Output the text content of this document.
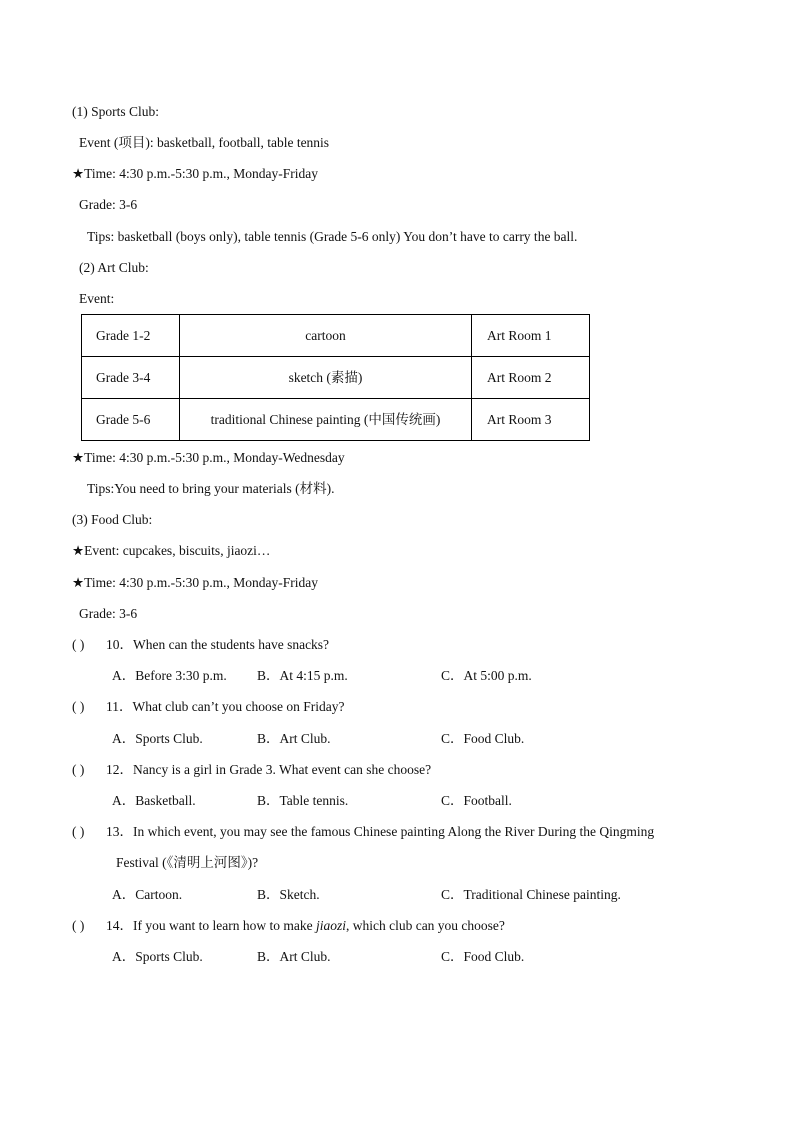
(1) Sports Club:
Event (项目): basketball, football, table tennis
★Time: 4:30 p.m.-5:30 p.m., Monday-Friday
Grade: 3-6
Tips: basketball (boys only), table tennis (Grade 5-6 only) You don’t have to carry the ball.
(2) Art Club:
Event:
Grade 1-2	cartoon	Art Room 1
Grade 3-4	sketch (素描)	Art Room 2
Grade 5-6	traditional Chinese painting (中国传统画)	Art Room 3
★Time: 4:30 p.m.-5:30 p.m., Monday-Wednesday
Tips:You need to bring your materials (材料).
(3) Food Club:
★Event: cupcakes, biscuits, jiaozi…
★Time: 4:30 p.m.-5:30 p.m., Monday-Friday
Grade: 3-6
( ) 10．When can the students have snacks?
A．Before 3:30 p.m. B．At 4:15 p.m.	C．At 5:00 p.m.
( ) 11．What club can’t you choose on Friday?
A．Sports Club.	B．Art Club.	C．Food Club.
( ) 12．Nancy is a girl in Grade 3. What event can she choose?
A．Basketball.	B．Table tennis.	C．Football.
( ) 13．In which event, you may see the famous Chinese painting Along the River During the Qingming
Festival (《清明上河图》)?
A．Cartoon.	B．Sketch.	C．Traditional Chinese painting.
( ) 14．If you want to learn how to make jiaozi, which club can you choose?
A．Sports Club.	B．Art Club.	C．Food Club.
